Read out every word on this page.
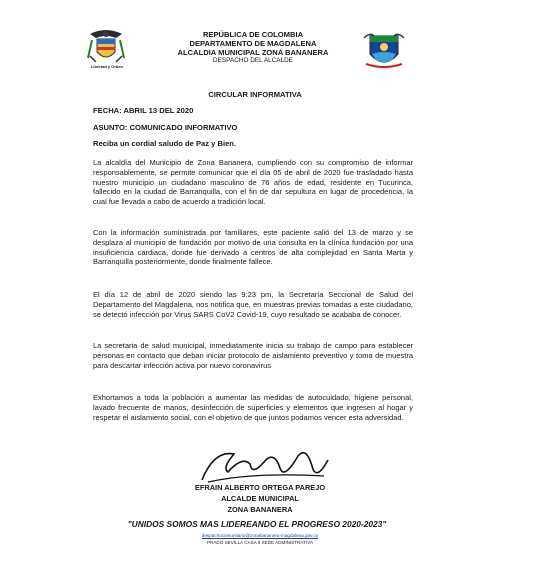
Libertad y Orden
REPÚBLICA DE COLOMBIA
DEPARTAMENTO DE MAGDALENA
ALCALDIA MUNICIPAL ZONA BANANERA
DESPACHO DEL ALCALDE
CIRCULAR INFORMATIVA
FECHA: ABRIL 13 DEL 2020
ASUNTO: COMUNICADO INFORMATIVO
Reciba un cordial saludo de Paz y Bien.
La alcaldía del Municipio de Zona Bananera, cumpliendo con su compromiso de informar responsablemente, se permite comunicar que el día 05 de abril de 2020 fue trasladado hasta nuestro municipio un ciudadano masculino de 76 años de edad, residente en Tucurinca, fallecido en la ciudad de Barranquilla, con el fin de dar sepultura en lugar de procedencia, la cual fue llevada a cabo de acuerdo a tradición local.
Con la información suministrada por familiares, este paciente salió del 13 de marzo y se desplaza al municipio de fundación por motivo de una consulta en la clínica fundación por una insuficiencia cardiaca, donde fue derivado a centros de alta complejidad en Santa Marta y Barranquilla posteriormente, donde finalmente fallece.
El día 12 de abril de 2020 siendo las 9:23 pm, la Secretaría Seccional de Salud del Departamento del Magdalena, nos notifica que, en muestras previas tomadas a este ciudadano, se detectó infección por Virus SARS CoV2 Covid-19, cuyo resultado se acababa de conocer.
La secretaria de salud municipal, inmediatamente inicia su trabajo de campo para establecer personas en contacto que deban iniciar protocolo de aislamiento preventivo y toma de muestra para descartar infección activa por nuevo coronavirus
Exhortamos a toda la población a aumentar las medidas de autocuidado, higiene personal, lavado frecuente de manos, desinfección de superficies y elementos que ingresen al hogar y respetar el aislamiento social, con el objetivo de que juntos podamos vencer esta adversidad.
EFRAIN ALBERTO ORTEGA PAREJO
ALCALDE MUNICIPAL
ZONA BANANERA
"UNIDOS SOMOS MAS LIDEREANDO EL PROGRESO 2020-2023"
despachocomunitario@zonabananera-magdalena.gov.co
PRADO SEVILLA CASA 9 SEDE ADMINISTRATIVA
